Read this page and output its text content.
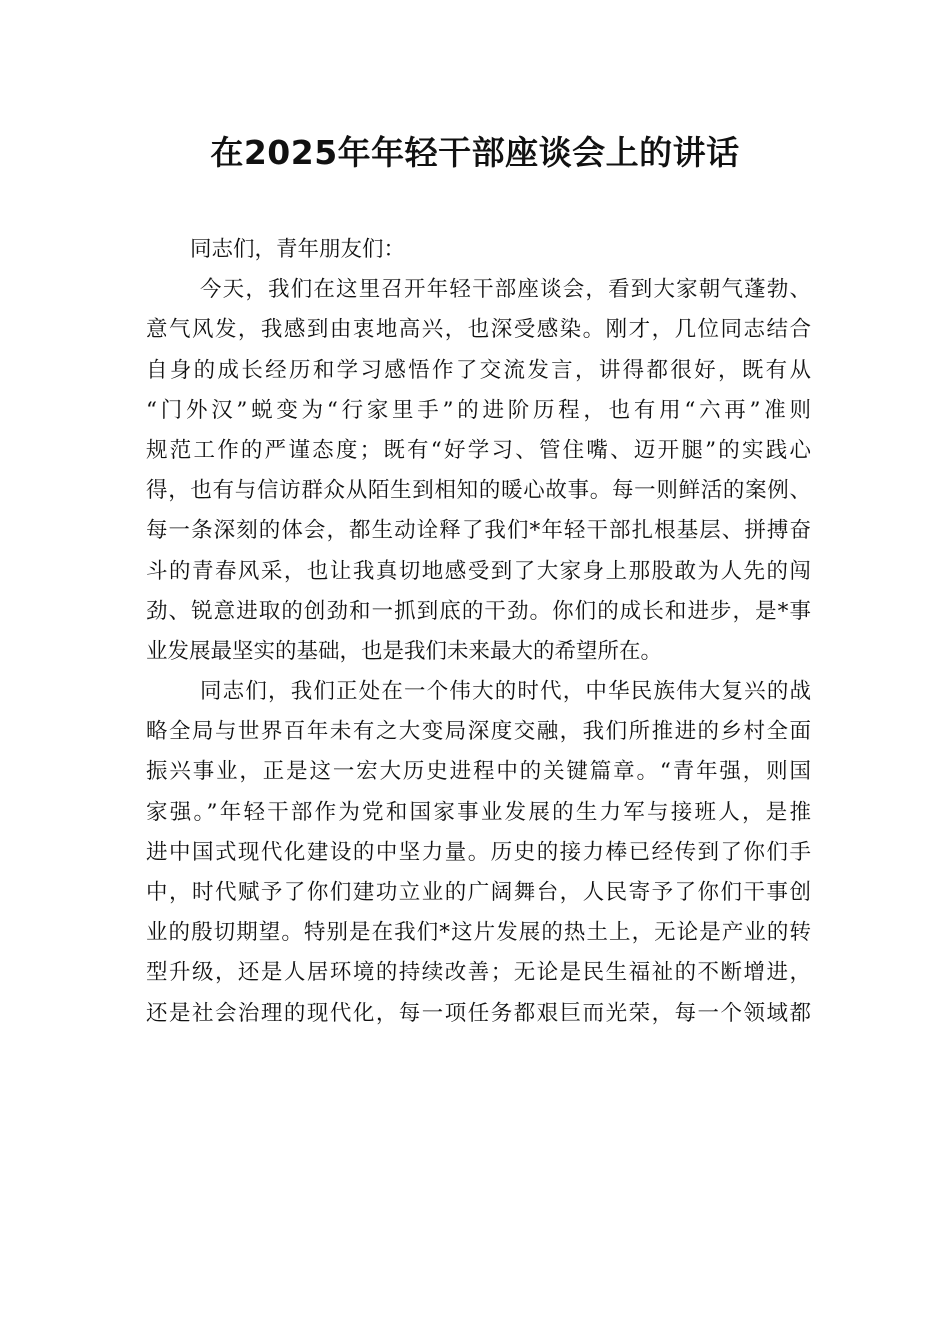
在2025年年轻干部座谈会上的讲话
同志们，青年朋友们：
今天，我们在这里召开年轻干部座谈会，看到大家朝气蓬勃、
意气风发，我感到由衷地高兴，也深受感染。刚才，几位同志结合
自身的成长经历和学习感悟作了交流发言，讲得都很好，既有从
“门外汉”蜕变为“行家里手”的进阶历程，也有用“六再”准则
规范工作的严谨态度；既有“好学习、管住嘴、迈开腿”的实践心
得，也有与信访群众从陌生到相知的暖心故事。每一则鲜活的案例、
每一条深刻的体会，都生动诠释了我们*年轻干部扎根基层、拼搏奋
斗的青春风采，也让我真切地感受到了大家身上那股敢为人先的闯
劲、锐意进取的创劲和一抓到底的干劲。你们的成长和进步，是*事
业发展最坚实的基础，也是我们未来最大的希望所在。
同志们，我们正处在一个伟大的时代，中华民族伟大复兴的战
略全局与世界百年未有之大变局深度交融，我们所推进的乡村全面
振兴事业，正是这一宏大历史进程中的关键篇章。“青年强，则国
家强。”年轻干部作为党和国家事业发展的生力军与接班人，是推
进中国式现代化建设的中坚力量。历史的接力棒已经传到了你们手
中，时代赋予了你们建功立业的广阔舞台，人民寄予了你们干事创
业的殷切期望。特别是在我们*这片发展的热土上，无论是产业的转
型升级，还是人居环境的持续改善；无论是民生福祉的不断增进，
还是社会治理的现代化，每一项任务都艰巨而光荣，每一个领域都
